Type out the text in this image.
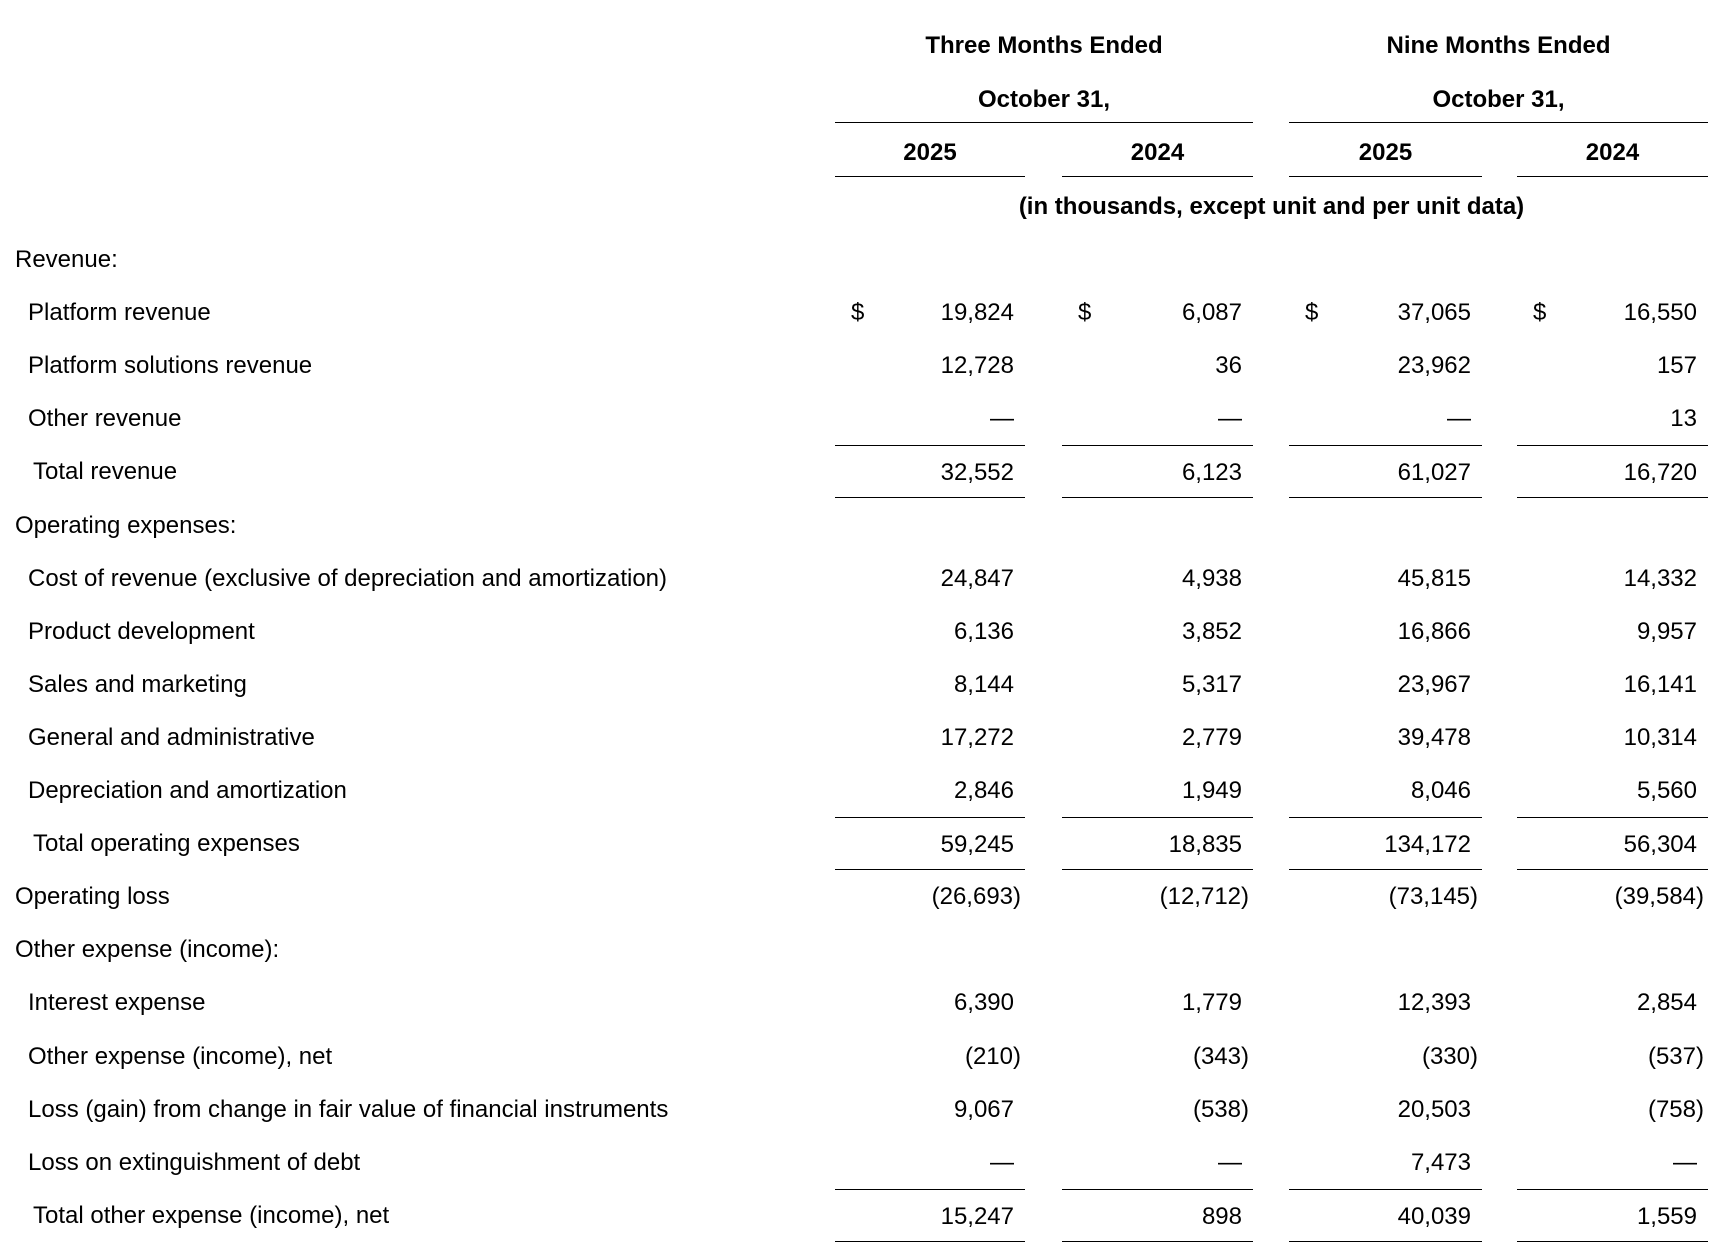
Three Months Ended	Nine Months Ended
October 31,	October 31,
2025	2024	2025	2024
(in thousands, except unit and per unit data)
Revenue:
Platform revenue	$	19,824	$	6,087	$	37,065	$	16,550
Platform solutions revenue	12,728	36	23,962	157
Other revenue	—	—	—	13
Total revenue	32,552	6,123	61,027	16,720
Operating expenses:
Cost of revenue (exclusive of depreciation and amortization)	24,847	4,938	45,815	14,332
Product development	6,136	3,852	16,866	9,957
Sales and marketing	8,144	5,317	23,967	16,141
General and administrative	17,272	2,779	39,478	10,314
Depreciation and amortization	2,846	1,949	8,046	5,560
Total operating expenses	59,245	18,835	134,172	56,304
Operating loss	(26,693)	(12,712)	(73,145)	(39,584)
Other expense (income):
Interest expense	6,390	1,779	12,393	2,854
Other expense (income), net	(210)	(343)	(330)	(537)
Loss (gain) from change in fair value of financial instruments	9,067	(538)	20,503	(758)
Loss on extinguishment of debt	—	—	7,473	—
Total other expense (income), net	15,247	898	40,039	1,559
